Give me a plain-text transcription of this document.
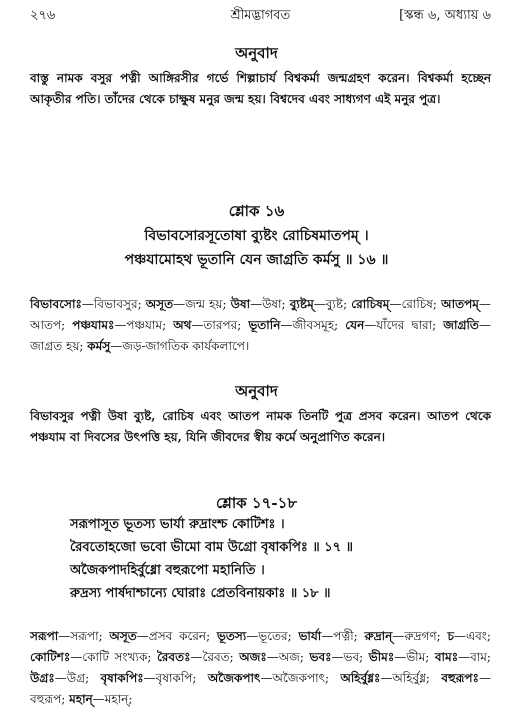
২৭৬	শ্রীমদ্ভাগবত	[স্কন্ধ ৬, অধ্যায় ৬
অনুবাদ
বাস্তু নামক বসুর পত্নী আঙ্গিরসীর গর্ভে শিল্পাচার্য বিশ্বকর্মা জন্মগ্রহণ করেন। বিশ্বকর্মা হচ্ছেন আকৃতীর পতি। তাঁদের থেকে চাক্ষুষ মনুর জন্ম হয়। বিশ্বদেব এবং সাধ্যগণ এই মনুর পুত্র।
শ্লোক ১৬
বিভাবসোরসূতোষা ব্যুষ্টং রোচিষমাতপম্ ।
পঞ্চযামোহথ ভূতানি যেন জাগ্রতি কর্মসু ॥ ১৬ ॥
বিভাবসোঃ—বিভাবসুর; অসূত—জন্ম হয়; উষা—উষা; ব্যুষ্টম্—ব্যুষ্ট; রোচিষম্—রোচিষ; আতপম্—আতপ; পঞ্চযামঃ—পঞ্চযাম; অথ—তারপর; ভূতানি—জীবসমূহ; যেন—যাঁদের দ্বারা; জাগ্রতি—জাগ্রত হয়; কর্মসু—জড়-জাগতিক কার্যকলাপে।
অনুবাদ
বিভাবসুর পত্নী উষা ব্যুষ্ট, রোচিষ এবং আতপ নামক তিনটি পুত্র প্রসব করেন। আতপ থেকে পঞ্চযাম বা দিবসের উৎপত্তি হয়, যিনি জীবদের স্বীয় কর্মে অনুপ্রাণিত করেন।
শ্লোক ১৭-১৮
সরূপাসূত ভূতস্য ভার্যা রুদ্রাংশ্চ কোটিশঃ ।
রৈবতোহজো ভবো ভীমো বাম উগ্রো বৃষাকপিঃ ॥ ১৭ ॥
অজৈকপাদহির্বুধ্নো বহুরূপো মহানিতি ।
রুদ্রস্য পার্ষদাশ্চান্যে ঘোরাঃ প্রেতবিনায়কাঃ ॥ ১৮ ॥
সরূপা—সরূপা; অসূত—প্রসব করেন; ভূতস্য—ভূতের; ভার্যা—পত্নী; রুদ্রান্—রুদ্রগণ; চ—এবং; কোটিশঃ—কোটি সংখ্যক; রৈবতঃ—রৈবত; অজঃ—অজ; ভবঃ—ভব; ভীমঃ—ভীম; বামঃ—বাম; উগ্রঃ—উগ্র; বৃষাকপিঃ—বৃষাকপি; অজৈকপাৎ—অজৈকপাৎ; অহির্বুধ্নঃ—অহির্বুধ্ন; বহুরূপঃ—বহুরূপ; মহান্—মহান্;
